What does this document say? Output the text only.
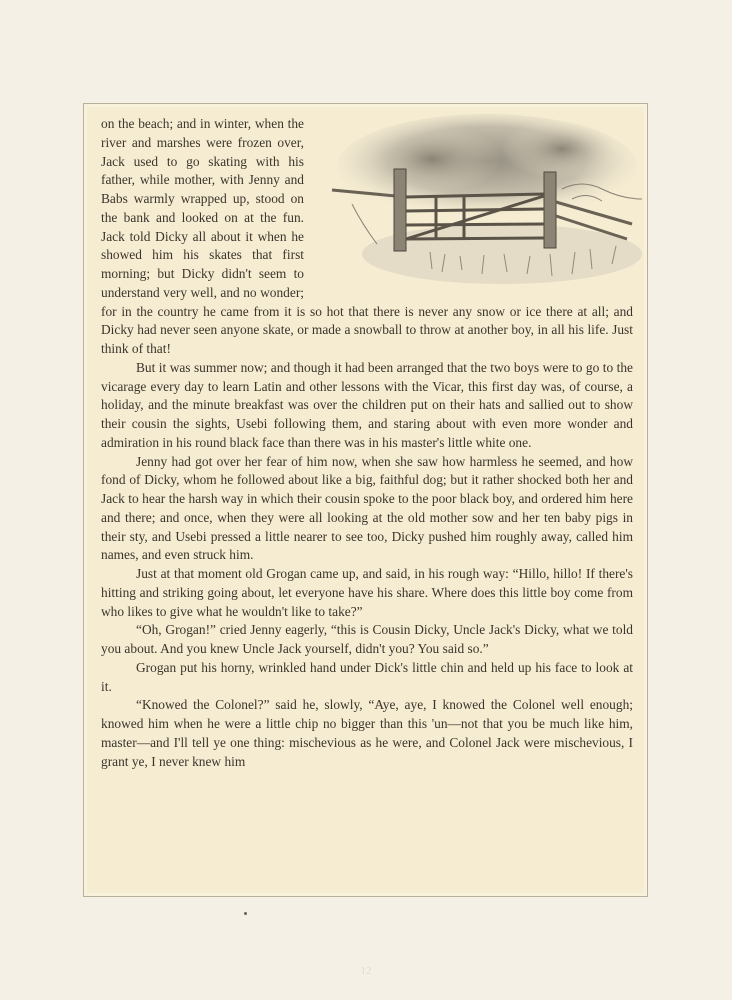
on the beach; and in winter, when the river and marshes were frozen over, Jack used to go skating with his father, while mother, with Jenny and Babs warmly wrapped up, stood on the bank and looked on at the fun. Jack told Dicky all about it when he showed him his skates that first morning; but Dicky didn't seem to understand very well, and no wonder; for in the country he came from it is so hot that there is never any snow or ice there at all; and Dicky had never seen anyone skate, or made a snowball to throw at another boy, in all his life. Just think of that!

But it was summer now; and though it had been arranged that the two boys were to go to the vicarage every day to learn Latin and other lessons with the Vicar, this first day was, of course, a holiday, and the minute breakfast was over the children put on their hats and sallied out to show their cousin the sights, Usebi following them, and staring about with even more wonder and admiration in his round black face than there was in his master's little white one.

Jenny had got over her fear of him now, when she saw how harmless he seemed, and how fond of Dicky, whom he followed about like a big, faithful dog; but it rather shocked both her and Jack to hear the harsh way in which their cousin spoke to the poor black boy, and ordered him here and there; and once, when they were all looking at the old mother sow and her ten baby pigs in their sty, and Usebi pressed a little nearer to see too, Dicky pushed him roughly away, called him names, and even struck him.

Just at that moment old Grogan came up, and said, in his rough way: “Hillo, hillo! If there's hitting and striking going about, let everyone have his share. Where does this little boy come from who likes to give what he wouldn't like to take?”

“Oh, Grogan!” cried Jenny eagerly, “this is Cousin Dicky, Uncle Jack's Dicky, what we told you about. And you knew Uncle Jack yourself, didn't you? You said so.”

Grogan put his horny, wrinkled hand under Dick's little chin and held up his face to look at it.

“Knowed the Colonel?” said he, slowly, “Aye, aye, I knowed the Colonel well enough; knowed him when he were a little chip no bigger than this 'un—not that you be much like him, master—and I'll tell ye one thing: mischevious as he were, and Colonel Jack were mischevious, I grant ye, I never knew him

12
